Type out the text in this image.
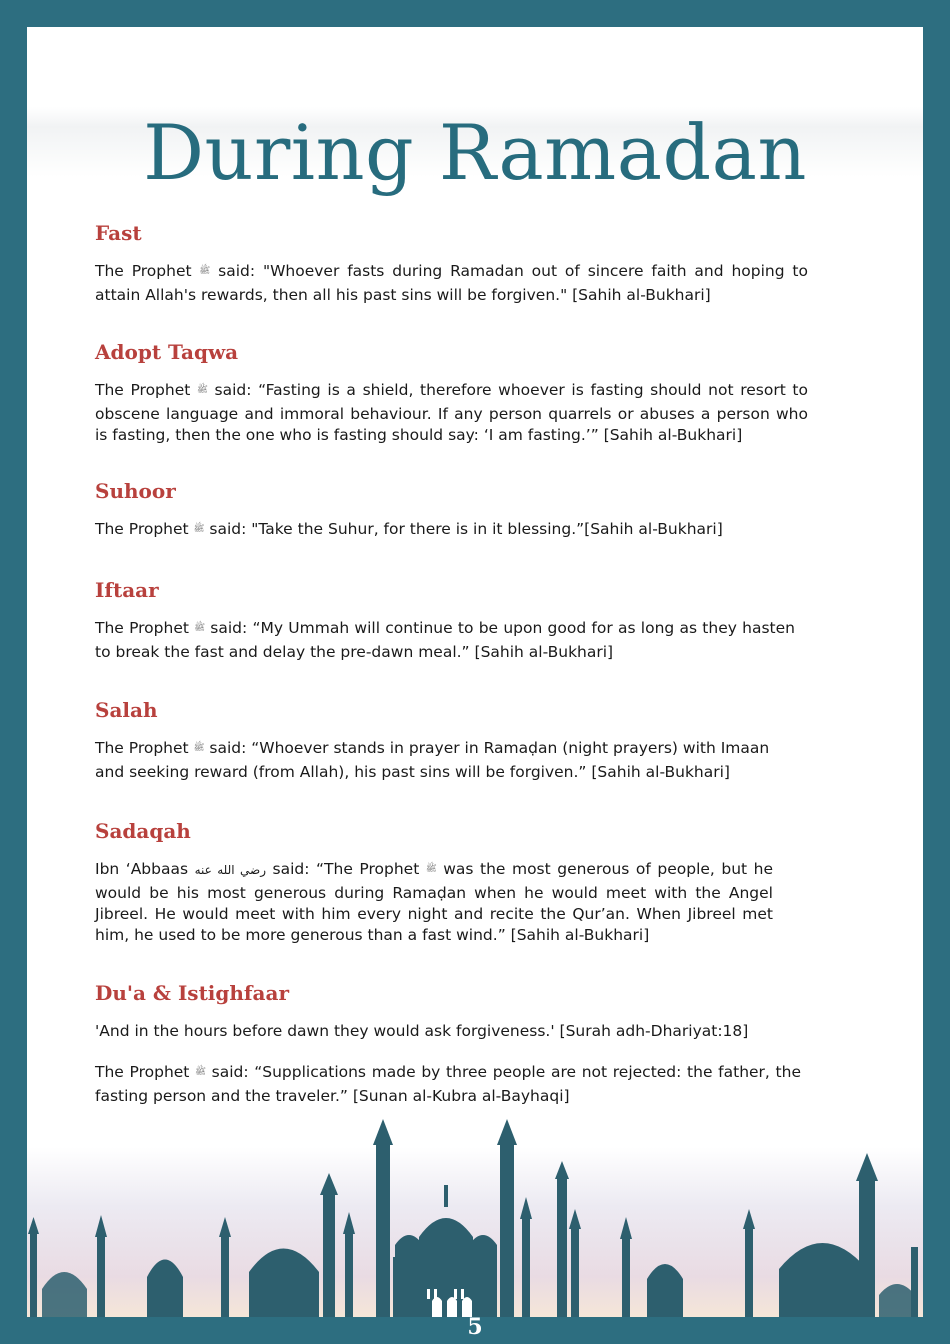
During Ramadan
Fast

The Prophet ﷺ said: "Whoever fasts during Ramadan out of sincere faith and hoping to attain Allah's rewards, then all his past sins will be forgiven." [Sahih al-Bukhari]

Adopt Taqwa

The Prophet ﷺ said: “Fasting is a shield, therefore whoever is fasting should not resort to obscene language and immoral behaviour. If any person quarrels or abuses a person who is fasting, then the one who is fasting should say: ‘I am fasting.’” [Sahih al-Bukhari]

Suhoor

The Prophet ﷺ said: "Take the Suhur, for there is in it blessing.”[Sahih al-Bukhari]

Iftaar

The Prophet ﷺ said: “My Ummah will continue to be upon good for as long as they hasten to break the fast and delay the pre-dawn meal.” [Sahih al-Bukhari]

Salah

The Prophet ﷺ said: “Whoever stands in prayer in Ramaḍan (night prayers) with Imaan and seeking reward (from Allah), his past sins will be forgiven.” [Sahih al-Bukhari]

Sadaqah

Ibn ‘Abbaas رضي الله عنه said: “The Prophet ﷺ was the most generous of people, but he would be his most generous during Ramaḍan when he would meet with the Angel Jibreel. He would meet with him every night and recite the Qur’an. When Jibreel met him, he used to be more generous than a fast wind.” [Sahih al-Bukhari]

Du'a & Istighfaar

'And in the hours before dawn they would ask forgiveness.' [Surah adh-Dhariyat:18]

The Prophet ﷺ said: “Supplications made by three people are not rejected: the father, the fasting person and the traveler.” [Sunan al-Kubra al-Bayhaqi]

5
